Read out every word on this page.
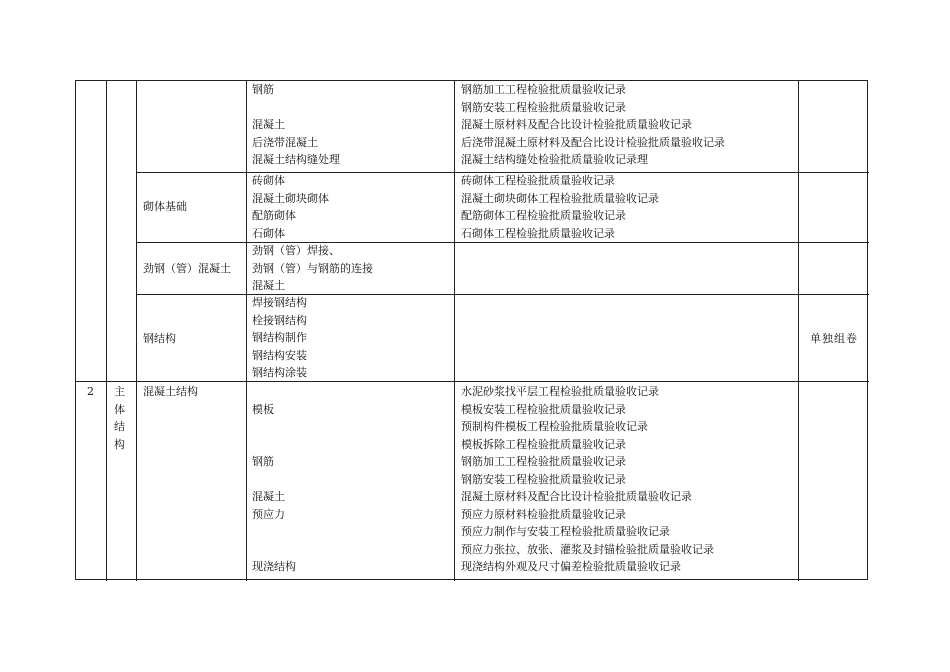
钢筋
混凝土
后浇带混凝土
混凝土结构缝处理
钢筋加工工程检验批质量验收记录
钢筋安装工程检验批质量验收记录
混凝土原材料及配合比设计检验批质量验收记录
后浇带混凝土原材料及配合比设计检验批质量验收记录
混凝土结构缝处检验批质量验收记录理
砌体基础
砖砌体
混凝土砌块砌体
配筋砌体
石砌体
砖砌体工程检验批质量验收记录
混凝土砌块砌体工程检验批质量验收记录
配筋砌体工程检验批质量验收记录
石砌体工程检验批质量验收记录
劲钢（管）混凝土
劲钢（管）焊接、
劲钢（管）与钢筋的连接
混凝土
钢结构
焊接钢结构
栓接钢结构
钢结构制作
钢结构安装
钢结构涂装
单独组卷
2 主
体
结
构
混凝土结构
模板
钢筋
混凝土
预应力
现浇结构
水泥砂浆找平层工程检验批质量验收记录
模板安装工程检验批质量验收记录
预制构件模板工程检验批质量验收记录
模板拆除工程检验批质量验收记录
钢筋加工工程检验批质量验收记录
钢筋安装工程检验批质量验收记录
混凝土原材料及配合比设计检验批质量验收记录
预应力原材料检验批质量验收记录
预应力制作与安装工程检验批质量验收记录
预应力张拉、放张、灌浆及封锚检验批质量验收记录
现浇结构外观及尺寸偏差检验批质量验收记录
